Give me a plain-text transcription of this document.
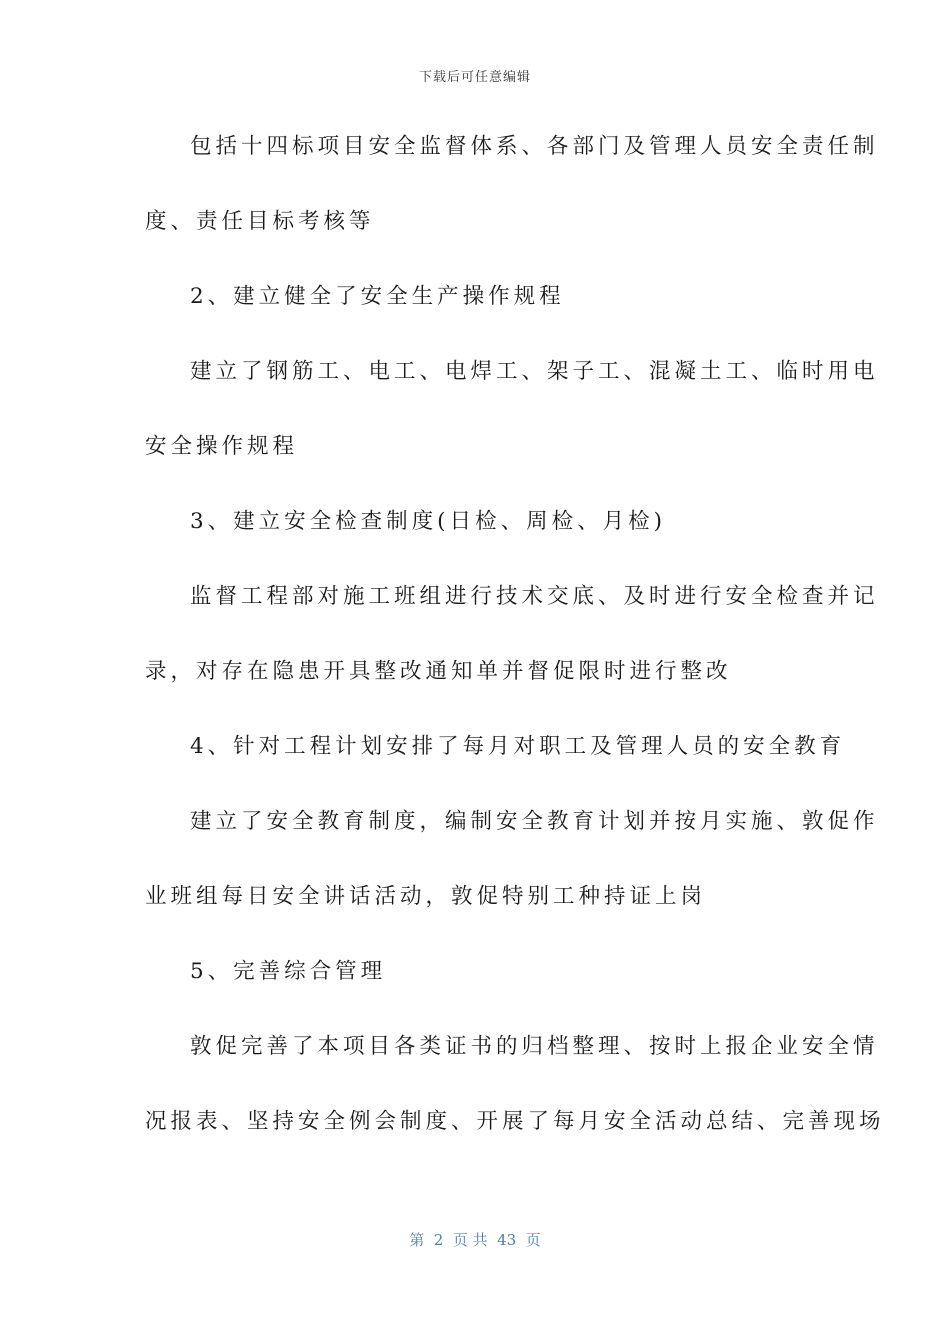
下载后可任意编辑
包括十四标项目安全监督体系、各部门及管理人员安全责任制
度、责任目标考核等
2、建立健全了安全生产操作规程
建立了钢筋工、电工、电焊工、架子工、混凝土工、临时用电
安全操作规程
3、建立安全检查制度(日检、周检、月检)
监督工程部对施工班组进行技术交底、及时进行安全检查并记
录，对存在隐患开具整改通知单并督促限时进行整改
4、针对工程计划安排了每月对职工及管理人员的安全教育
建立了安全教育制度，编制安全教育计划并按月实施、敦促作
业班组每日安全讲话活动，敦促特别工种持证上岗
5、完善综合管理
敦促完善了本项目各类证书的归档整理、按时上报企业安全情
况报表、坚持安全例会制度、开展了每月安全活动总结、完善现场
第  2  页 共  43  页
